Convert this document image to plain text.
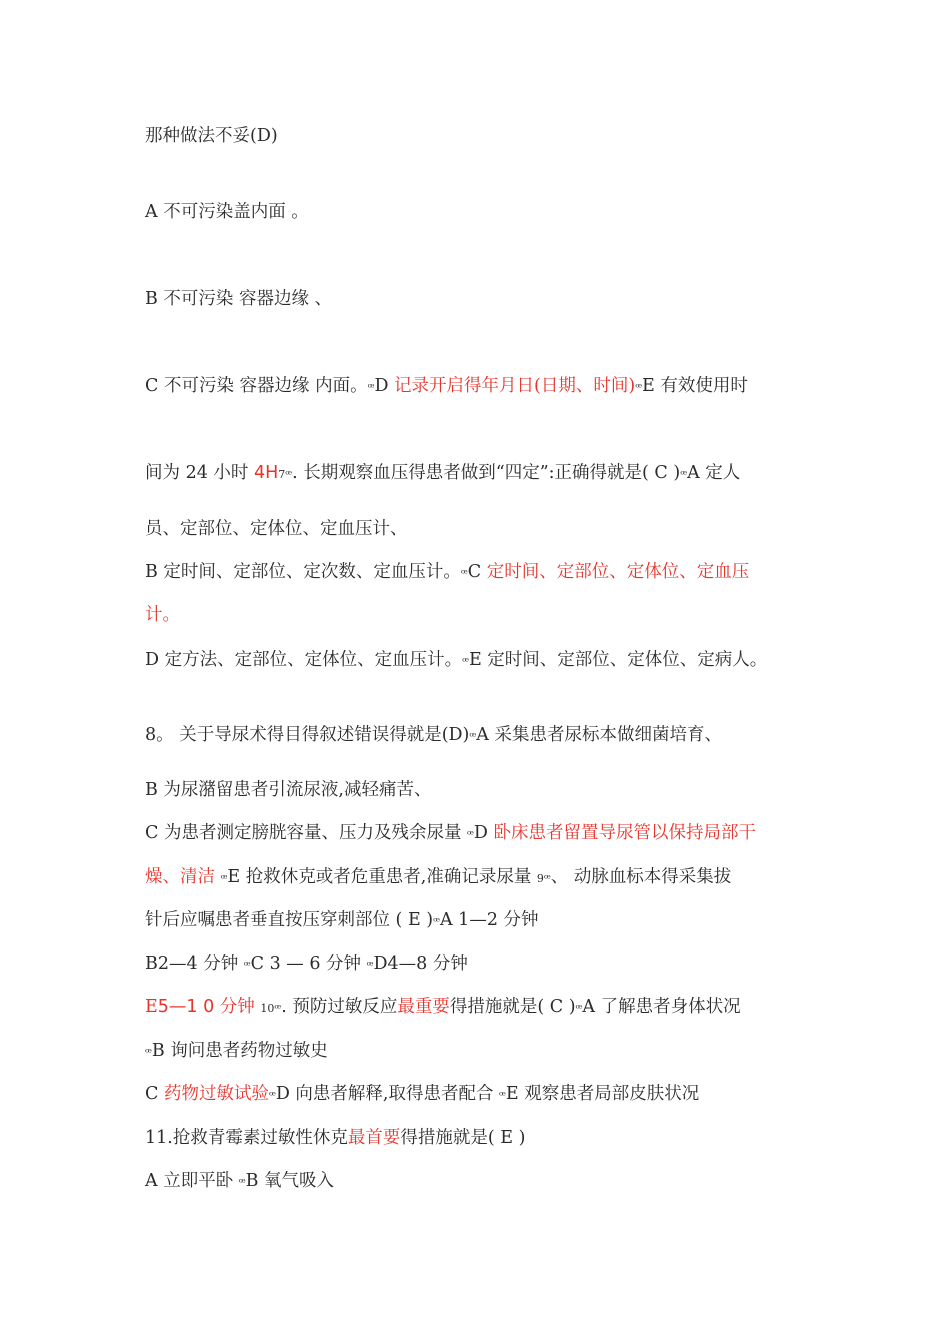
那种做法不妥(D)

A 不可污染盖内面 。

B 不可污染 容器边缘 、

C 不可污染 容器边缘 内面。ꟹD 记录开启得年月日(日期、时间)ꟹE 有效使用时

间为 24 小时 4H7ꟹ. 长期观察血压得患者做到“四定”:正确得就是( C )ꟹA 定人

员、定部位、定体位、定血压计、

B 定时间、定部位、定次数、定血压计。ꟹC 定时间、定部位、定体位、定血压

计。

D 定方法、定部位、定体位、定血压计。ꟹE 定时间、定部位、定体位、定病人。

8。 关于导尿术得目得叙述错误得就是(D)ꟹA 采集患者尿标本做细菌培育、

B 为尿潴留患者引流尿液,减轻痛苦、

C 为患者测定膀胱容量、压力及残余尿量 ꟹD 卧床患者留置导尿管以保持局部干

燥、清洁 ꟹE 抢救休克或者危重患者,准确记录尿量 9ꟹ、 动脉血标本得采集拔

针后应嘱患者垂直按压穿刺部位 ( E )ꟹA 1—2 分钟

B2—4 分钟 ꟹC 3 — 6 分钟 ꟹD4—8 分钟

E5—1 0 分钟 10ꟹ. 预防过敏反应最重要得措施就是( C )ꟹA 了解患者身体状况

ꟹB 询问患者药物过敏史

C 药物过敏试验ꟹD 向患者解释,取得患者配合 ꟹE 观察患者局部皮肤状况

11.抢救青霉素过敏性休克最首要得措施就是( E )

A 立即平卧 ꟹB 氧气吸入
